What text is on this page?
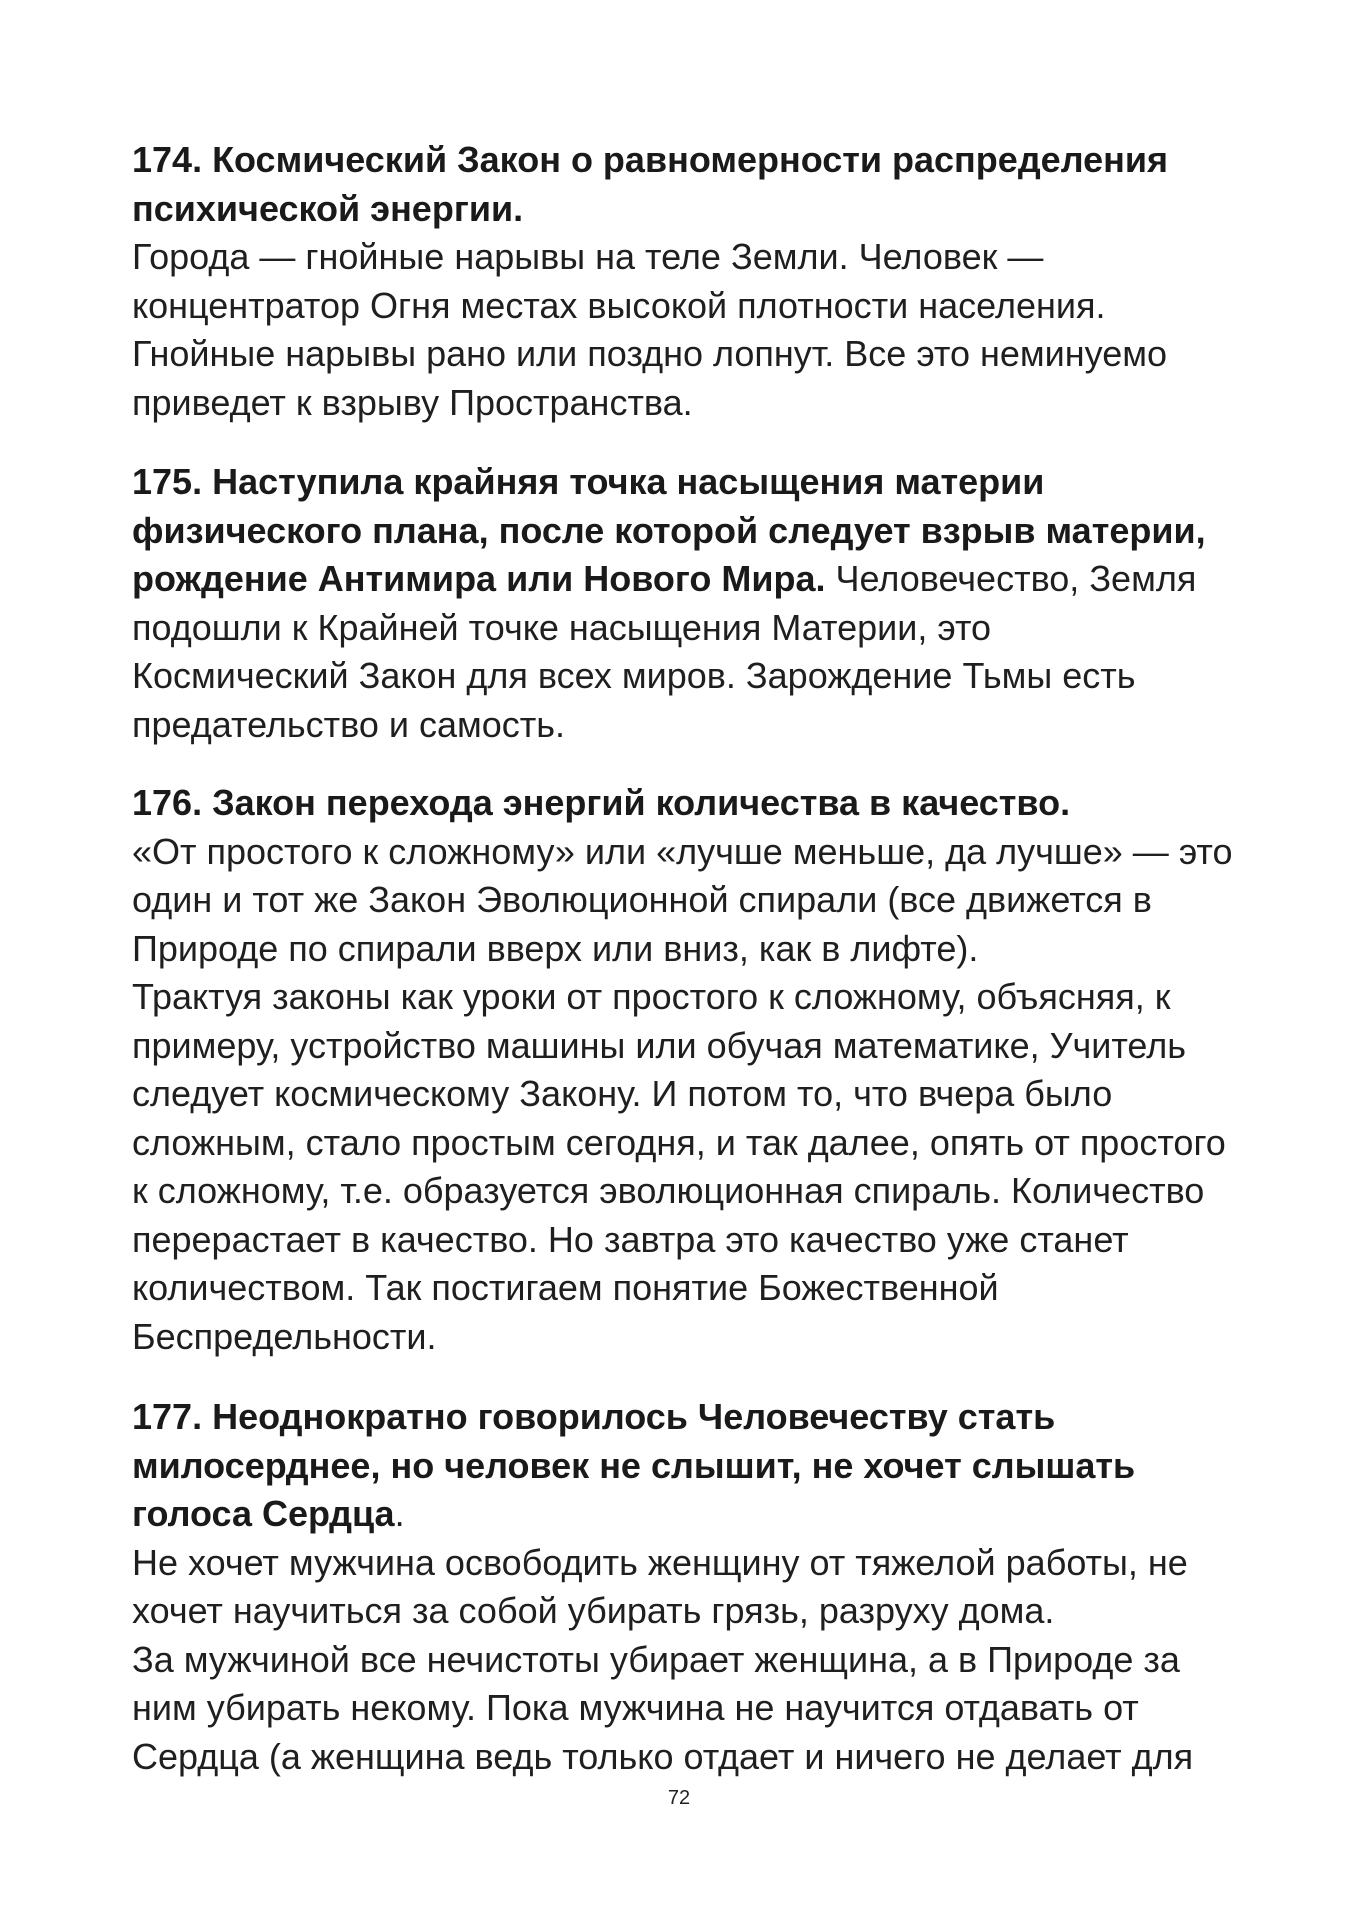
174. Космический Закон о равномерности распределения
психической энергии.
Города — гнойные нарывы на теле Земли. Человек —
концентратор Огня местах высокой плотности населения.
Гнойные нарывы рано или поздно лопнут. Все это неминуемо
приведет к взрыву Пространства.
175. Наступила крайняя точка насыщения материи
физического плана, после которой следует взрыв материи,
рождение Антимира или Нового Мира. Человечество, Земля
подошли к Крайней точке насыщения Материи, это
Космический Закон для всех миров. Зарождение Тьмы есть
предательство и самость.
176. Закон перехода энергий количества в качество.
«От простого к сложному» или «лучше меньше, да лучше» — это
один и тот же Закон Эволюционной спирали (все движется в
Природе по спирали вверх или вниз, как в лифте).
Трактуя законы как уроки от простого к сложному, объясняя, к
примеру, устройство машины или обучая математике, Учитель
следует космическому Закону. И потом то, что вчера было
сложным, стало простым сегодня, и так далее, опять от простого
к сложному, т.е. образуется эволюционная спираль. Количество
перерастает в качество. Но завтра это качество уже станет
количеством. Так постигаем понятие Божественной
Беспредельности.
177. Неоднократно говорилось Человечеству стать
милосерднее, но человек не слышит, не хочет слышать
голоса Сердца.
Не хочет мужчина освободить женщину от тяжелой работы, не
хочет научиться за собой убирать грязь, разруху дома.
За мужчиной все нечистоты убирает женщина, а в Природе за
ним убирать некому. Пока мужчина не научится отдавать от
Сердца (а женщина ведь только отдает и ничего не делает для
72
